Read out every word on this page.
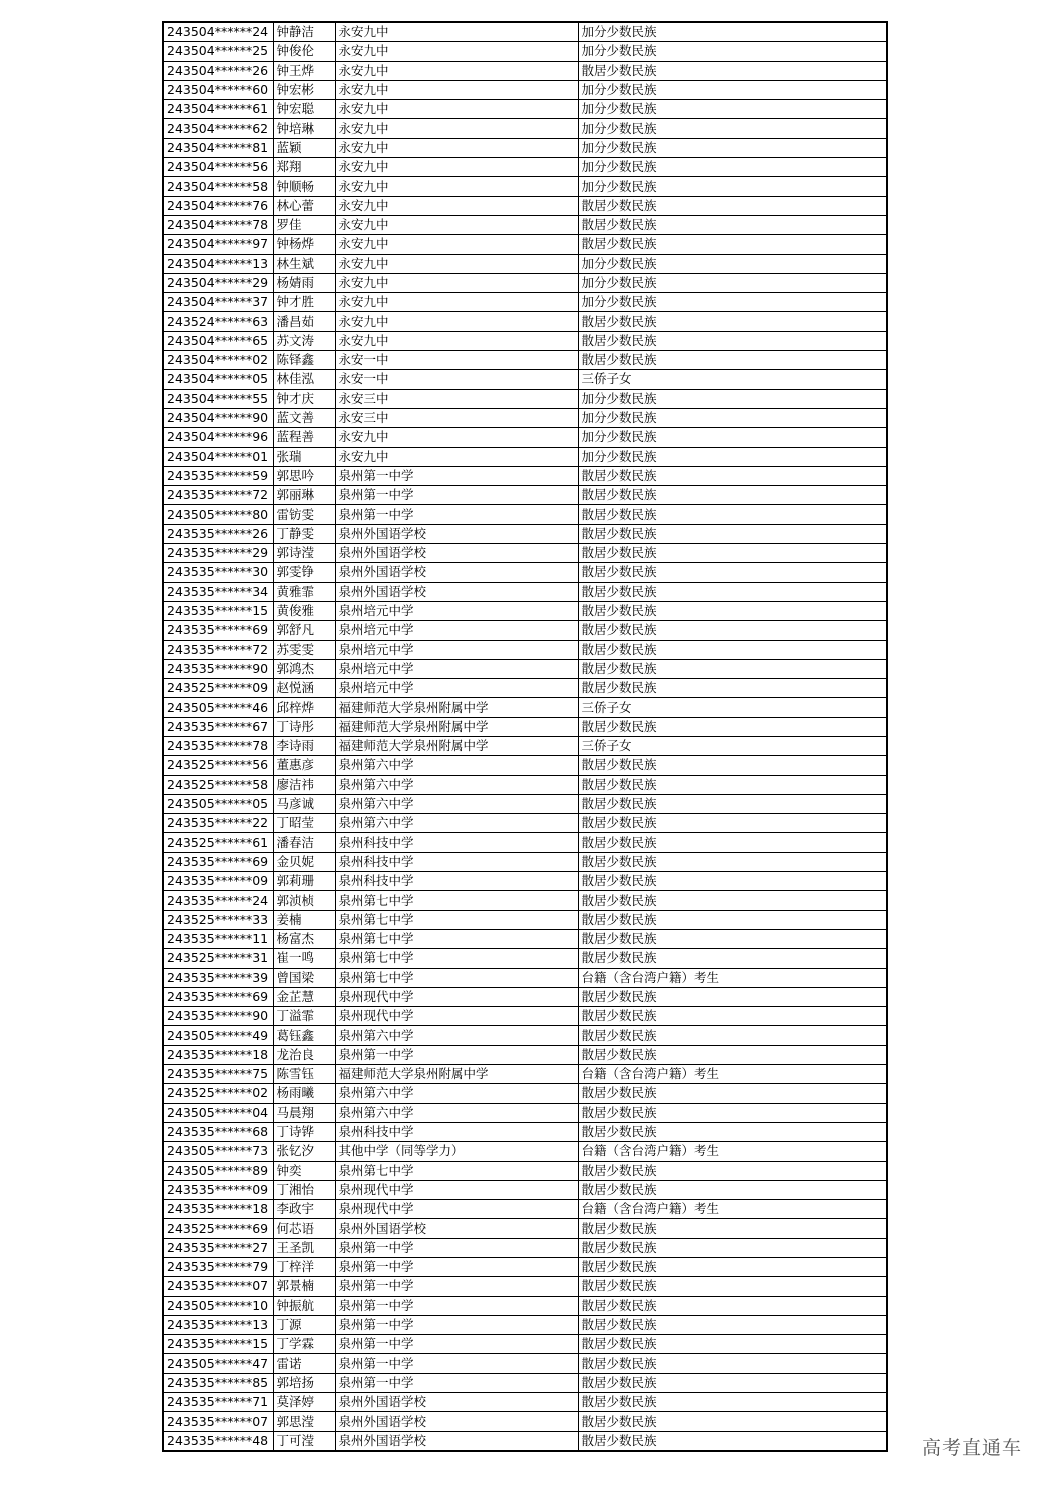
243504******24	钟静洁	永安九中	加分少数民族
243504******25	钟俊伦	永安九中	加分少数民族
243504******26	钟王烨	永安九中	散居少数民族
243504******60	钟宏彬	永安九中	加分少数民族
243504******61	钟宏聪	永安九中	加分少数民族
243504******62	钟培琳	永安九中	加分少数民族
243504******81	蓝颖	永安九中	加分少数民族
243504******56	郑翔	永安九中	加分少数民族
243504******58	钟顺畅	永安九中	加分少数民族
243504******76	林心蕾	永安九中	散居少数民族
243504******78	罗佳	永安九中	散居少数民族
243504******97	钟杨烨	永安九中	散居少数民族
243504******13	林生斌	永安九中	加分少数民族
243504******29	杨婧雨	永安九中	加分少数民族
243504******37	钟才胜	永安九中	加分少数民族
243524******63	潘昌茹	永安九中	散居少数民族
243504******65	苏文涛	永安九中	散居少数民族
243504******02	陈铎鑫	永安一中	散居少数民族
243504******05	林佳泓	永安一中	三侨子女
243504******55	钟才庆	永安三中	加分少数民族
243504******90	蓝文善	永安三中	加分少数民族
243504******96	蓝程善	永安九中	加分少数民族
243504******01	张瑞	永安九中	加分少数民族
243535******59	郭思吟	泉州第一中学	散居少数民族
243535******72	郭丽琳	泉州第一中学	散居少数民族
243505******80	雷钫雯	泉州第一中学	散居少数民族
243535******26	丁静雯	泉州外国语学校	散居少数民族
243535******29	郭诗滢	泉州外国语学校	散居少数民族
243535******30	郭雯铮	泉州外国语学校	散居少数民族
243535******34	黄雅霏	泉州外国语学校	散居少数民族
243535******15	黄俊雅	泉州培元中学	散居少数民族
243535******69	郭舒凡	泉州培元中学	散居少数民族
243535******72	苏雯雯	泉州培元中学	散居少数民族
243535******90	郭鸿杰	泉州培元中学	散居少数民族
243525******09	赵悦涵	泉州培元中学	散居少数民族
243505******46	邱梓烨	福建师范大学泉州附属中学	三侨子女
243535******67	丁诗彤	福建师范大学泉州附属中学	散居少数民族
243535******78	李诗雨	福建师范大学泉州附属中学	三侨子女
243525******56	董惠彦	泉州第六中学	散居少数民族
243525******58	廖洁祎	泉州第六中学	散居少数民族
243505******05	马彦诚	泉州第六中学	散居少数民族
243535******22	丁昭莹	泉州第六中学	散居少数民族
243525******61	潘春洁	泉州科技中学	散居少数民族
243535******69	金贝妮	泉州科技中学	散居少数民族
243535******09	郭莉珊	泉州科技中学	散居少数民族
243535******24	郭浈桢	泉州第七中学	散居少数民族
243525******33	姜楠	泉州第七中学	散居少数民族
243535******11	杨富杰	泉州第七中学	散居少数民族
243525******31	崔一鸣	泉州第七中学	散居少数民族
243535******39	曾国梁	泉州第七中学	台籍（含台湾户籍）考生
243535******69	金芷慧	泉州现代中学	散居少数民族
243535******90	丁溢霏	泉州现代中学	散居少数民族
243505******49	葛钰鑫	泉州第六中学	散居少数民族
243535******18	龙治良	泉州第一中学	散居少数民族
243535******75	陈雪钰	福建师范大学泉州附属中学	台籍（含台湾户籍）考生
243525******02	杨雨曦	泉州第六中学	散居少数民族
243505******04	马晨翔	泉州第六中学	散居少数民族
243535******68	丁诗铧	泉州科技中学	散居少数民族
243505******73	张钇汐	其他中学（同等学力）	台籍（含台湾户籍）考生
243505******89	钟奕	泉州第七中学	散居少数民族
243535******09	丁湘怡	泉州现代中学	散居少数民族
243535******18	李政宇	泉州现代中学	台籍（含台湾户籍）考生
243525******69	何芯语	泉州外国语学校	散居少数民族
243535******27	王圣凯	泉州第一中学	散居少数民族
243535******79	丁梓洋	泉州第一中学	散居少数民族
243535******07	郭景楠	泉州第一中学	散居少数民族
243505******10	钟振航	泉州第一中学	散居少数民族
243535******13	丁源	泉州第一中学	散居少数民族
243535******15	丁学霖	泉州第一中学	散居少数民族
243505******47	雷诺	泉州第一中学	散居少数民族
243535******85	郭培扬	泉州第一中学	散居少数民族
243535******71	莫泽婷	泉州外国语学校	散居少数民族
243535******07	郭思滢	泉州外国语学校	散居少数民族
243535******48	丁可滢	泉州外国语学校	散居少数民族	高考直通车
